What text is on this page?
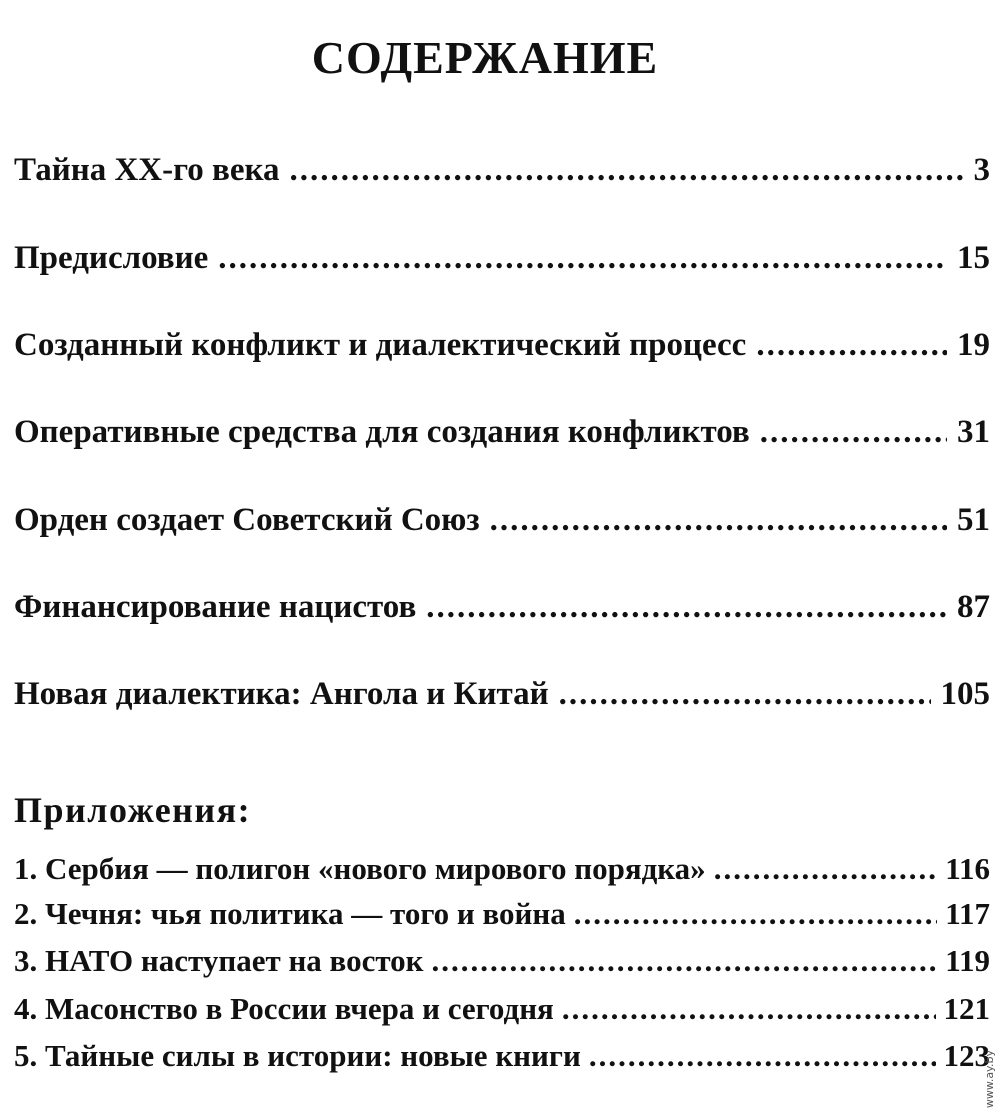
СОДЕРЖАНИЕ
Тайна XX-го века .....	3
Предисловие .....	15
Созданный конфликт и диалектический процесс .....	19
Оперативные средства для создания конфликтов .....	31
Орден создает Советский Союз .....	51
Финансирование нацистов .....	87
Новая диалектика: Ангола и Китай .....	105
Приложения:
1. Сербия — полигон «нового мирового порядка» .....	116
2. Чечня: чья политика — того и война .....	117
3. НАТО наступает на восток .....	119
4. Масонство в России вчера и сегодня .....	121
5. Тайные силы в истории: новые книги .....	123
www.ay.by
